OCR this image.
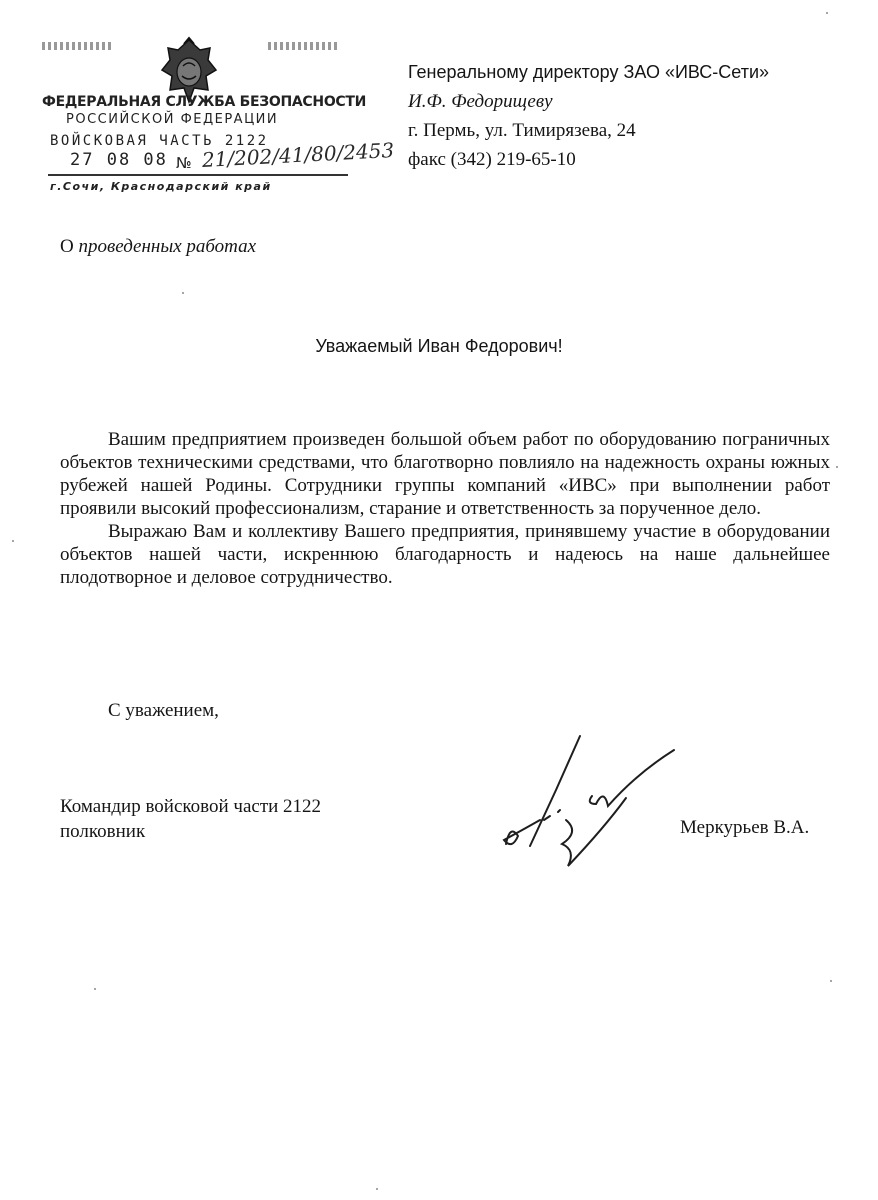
ФЕДЕРАЛЬНАЯ СЛУЖБА БЕЗОПАСНОСТИ
РОССИЙСКОЙ ФЕДЕРАЦИИ
ВОЙСКОВАЯ ЧАСТЬ 2122
27 08 08 № 21/202/41/80/2453
г.Сочи, Краснодарский край
Генеральному директору ЗАО «ИВС-Сети»
И.Ф. Федорищеву
г. Пермь, ул. Тимирязева, 24
факс (342) 219-65-10
О проведенных работах
Уважаемый Иван Федорович!

Вашим предприятием произведен большой объем работ по оборудованию пограничных объектов техническими средствами, что благотворно повлияло на надежность охраны южных рубежей нашей Родины. Сотрудники группы компаний «ИВС» при выполнении работ проявили высокий профессионализм, старание и ответственность за порученное дело.

Выражаю Вам и коллективу Вашего предприятия, принявшему участие в оборудовании объектов нашей части, искреннюю благодарность и надеюсь на наше дальнейшее плодотворное и деловое сотрудничество.

С уважением,
Командир войсковой части 2122
полковник	Меркурьев В.А.
